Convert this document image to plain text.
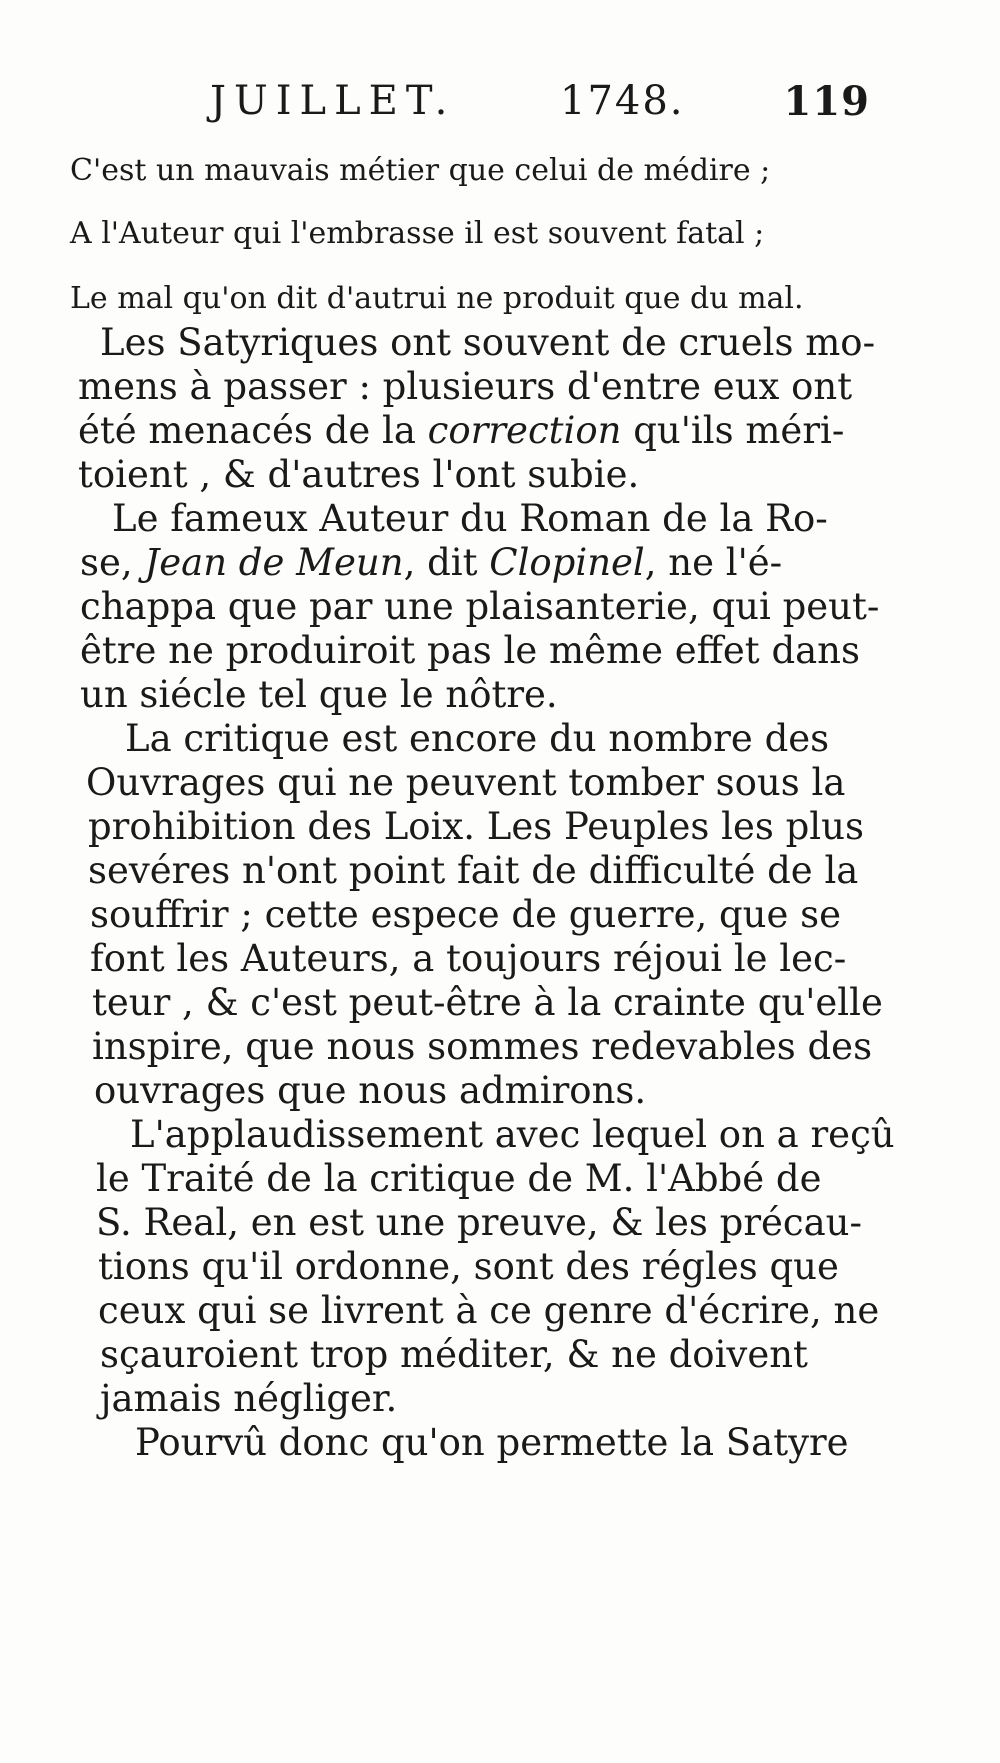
JUILLET.	1748. 119
C'est un mauvais métier que celui de médire ;
A l'Auteur qui l'embrasse il est souvent fatal ;
Le mal qu'on dit d'autrui ne produit que du mal.
Les Satyriques ont souvent de cruels mo-
mens à passer : plusieurs d'entre eux ont
été menacés de la correction qu'ils méri-
toient , & d'autres l'ont subie.
Le fameux Auteur du Roman de la Ro-
se, Jean de Meun, dit Clopinel, ne l'é-
chappa que par une plaisanterie, qui peut-
être ne produiroit pas le même effet dans
un siécle tel que le nôtre.
La critique est encore du nombre des
Ouvrages qui ne peuvent tomber sous la
prohibition des Loix. Les Peuples les plus
sevéres n'ont point fait de difficulté de la
souffrir ; cette espece de guerre, que se
font les Auteurs, a toujours réjoui le lec-
teur , & c'est peut-être à la crainte qu'elle
inspire, que nous sommes redevables des
ouvrages que nous admirons.
L'applaudissement avec lequel on a reçû
le Traité de la critique de M. l'Abbé de
S. Real, en est une preuve, & les précau-
tions qu'il ordonne, sont des régles que
ceux qui se livrent à ce genre d'écrire, ne
sçauroient trop méditer, & ne doivent
jamais négliger.
Pourvû donc qu'on permette la Satyre
